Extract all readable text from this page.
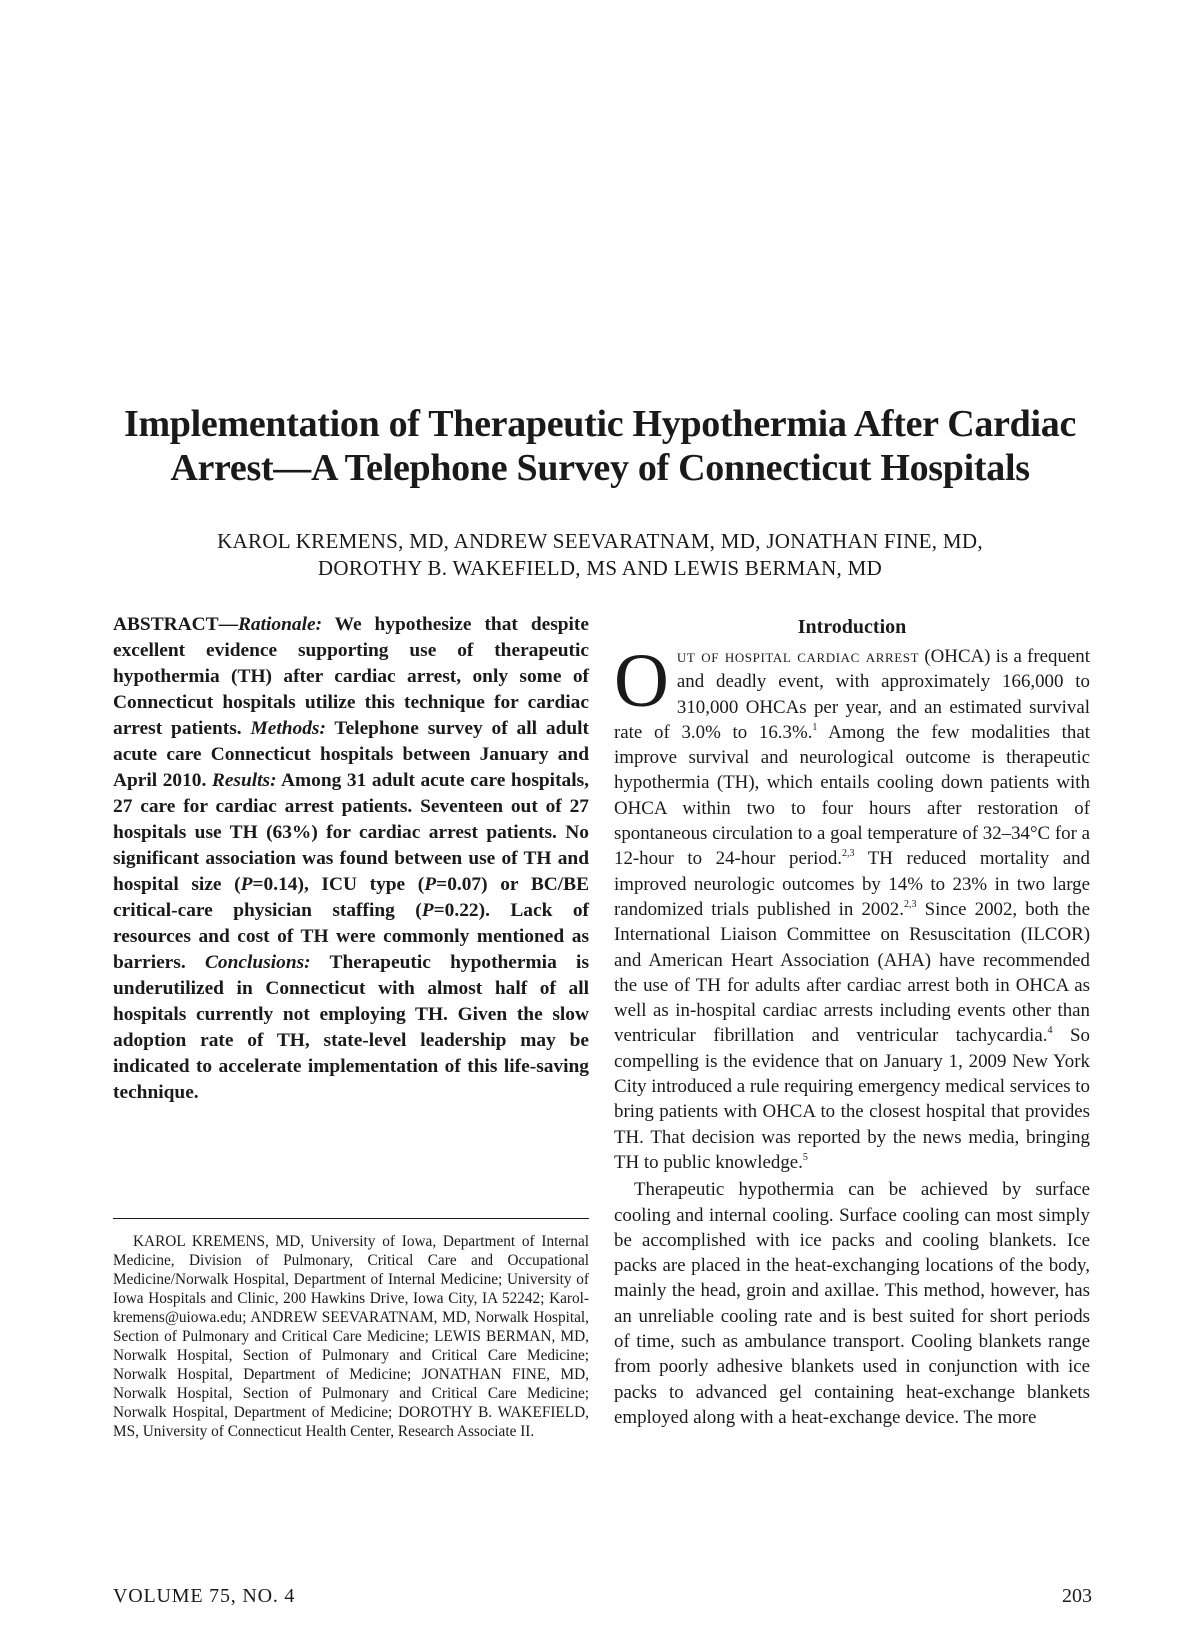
Implementation of Therapeutic Hypothermia After Cardiac
Arrest—A Telephone Survey of Connecticut Hospitals
KAROL KREMENS, MD, ANDREW SEEVARATNAM, MD, JONATHAN FINE, MD,
DOROTHY B. WAKEFIELD, MS AND LEWIS BERMAN, MD

ABSTRACT—Rationale: We hypothesize that despite excellent evidence supporting use of therapeutic hypothermia (TH) after cardiac arrest, only some of Connecticut hospitals utilize this technique for cardiac arrest patients. Methods: Telephone survey of all adult acute care Connecticut hospitals between January and April 2010. Results: Among 31 adult acute care hospitals, 27 care for cardiac arrest patients. Seventeen out of 27 hospitals use TH (63%) for cardiac arrest patients. No significant association was found between use of TH and hospital size (P=0.14), ICU type (P=0.07) or BC/BE critical-care physician staffing (P=0.22). Lack of resources and cost of TH were commonly mentioned as barriers. Conclusions: Therapeutic hypothermia is underutilized in Connecticut with almost half of all hospitals currently not employing TH. Given the slow adoption rate of TH, state-level leadership may be indicated to accelerate implementation of this life-saving technique.

KAROL KREMENS, MD, University of Iowa, Department of Internal Medicine, Division of Pulmonary, Critical Care and Occupational Medicine/Norwalk Hospital, Department of Internal Medicine; University of Iowa Hospitals and Clinic, 200 Hawkins Drive, Iowa City, IA 52242; Karol-kremens@uiowa.edu; ANDREW SEEVARATNAM, MD, Norwalk Hospital, Section of Pulmonary and Critical Care Medicine; LEWIS BERMAN, MD, Norwalk Hospital, Section of Pulmonary and Critical Care Medicine; Norwalk Hospital, Department of Medicine; JONATHAN FINE, MD, Norwalk Hospital, Section of Pulmonary and Critical Care Medicine; Norwalk Hospital, Department of Medicine; DOROTHY B. WAKEFIELD, MS, University of Connecticut Health Center, Research Associate II.

Introduction

Out of hospital cardiac arrest (OHCA) is a frequent and deadly event, with approximately 166,000 to 310,000 OHCAs per year, and an estimated survival rate of 3.0% to 16.3%.$^1$ Among the few modalities that improve survival and neurological outcome is therapeutic hypothermia (TH), which entails cooling down patients with OHCA within two to four hours after restoration of spontaneous circulation to a goal temperature of 32–34°C for a 12-hour to 24-hour period.$^{2,3}$ TH reduced mortality and improved neurologic outcomes by 14% to 23% in two large randomized trials published in 2002.$^{2,3}$ Since 2002, both the International Liaison Committee on Resuscitation (ILCOR) and American Heart Association (AHA) have recommended the use of TH for adults after cardiac arrest both in OHCA as well as in-hospital cardiac arrests including events other than ventricular fibrillation and ventricular tachycardia.$^4$ So compelling is the evidence that on January 1, 2009 New York City introduced a rule requiring emergency medical services to bring patients with OHCA to the closest hospital that provides TH. That decision was reported by the news media, bringing TH to public knowledge.$^5$

Therapeutic hypothermia can be achieved by surface cooling and internal cooling. Surface cooling can most simply be accomplished with ice packs and cooling blankets. Ice packs are placed in the heat-exchanging locations of the body, mainly the head, groin and axillae. This method, however, has an unreliable cooling rate and is best suited for short periods of time, such as ambulance transport. Cooling blankets range from poorly adhesive blankets used in conjunction with ice packs to advanced gel containing heat-exchange blankets employed along with a heat-exchange device. The more

VOLUME 75, NO. 4	203
